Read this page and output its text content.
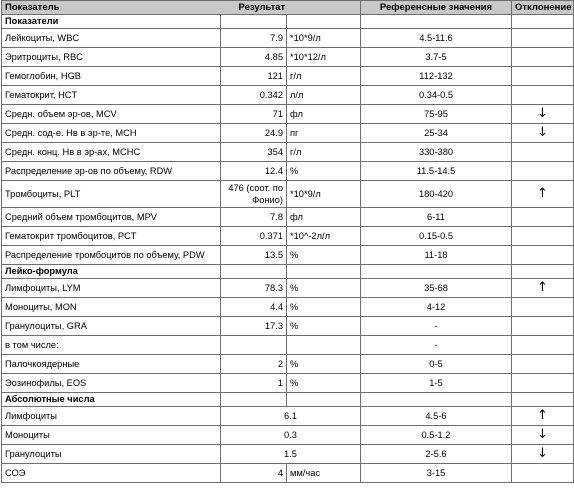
Показатель	Результат		Референсные значения	Отклонение
Показатели				
Лейкоциты, WBC	7.9	*10*9/л	4.5-11.6	
Эритроциты, RBC	4.85	*10*12/л	3.7-5	
Гемоглобин, HGB	121	г/л	112-132	
Гематокрит, HCT	0.342	л/л	0.34-0.5	
Средн. объем эр-ов, MCV	71	фл	75-95	↓
Средн. сод-е. Нв в эр-те, MCH	24.9	пг	25-34	↓
Средн. конц. Нв в эр-ах, MCHC	354	г/л	330-380	
Распределение эр-ов по объему, RDW	12.4	%	11.5-14.5	
Тромбоциты, PLT	476 (соот. по Фонио)	*10*9/л	180-420	↑
Средний объем тромбоцитов, MPV	7.8	фл	6-11	
Гематокрит тромбоцитов, PCT	0.371	*10^-2л/л	0.15-0.5	
Распределение тромбоцитов по объему, PDW	13.5	%	11-18	
Лейко-формула				
Лимфоциты, LYM	78.3	%	35-68	↑
Моноциты, MON	4.4	%	4-12	
Гранулоциты, GRA	17.3	%	-	
в том числе:			-	
Палочкоядерные	2	%	0-5	
Эозинофилы, EOS	1	%	1-5	
Абсолютные числа				
Лимфоциты	6.1		4.5-6	↑
Моноциты	0.3		0.5-1.2	↓
Гранулоциты	1.5		2-5.6	↓
СОЭ	4	мм/час	3-15	
